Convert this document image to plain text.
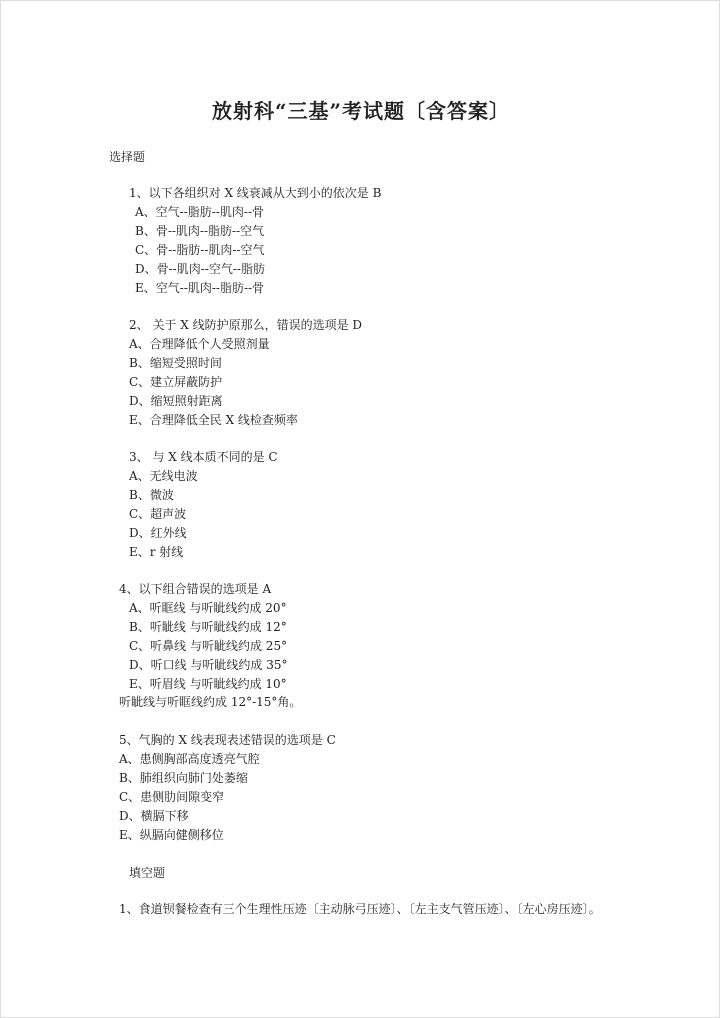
放射科“三基”考试题〔含答案〕
选择题
1、以下各组织对 X 线衰减从大到小的依次是 B
A、空气--脂肪--肌肉--骨
B、骨--肌肉--脂肪--空气
C、骨--脂肪--肌肉--空气
D、骨--肌肉--空气--脂肪
E、空气--肌肉--脂肪--骨
2、 关于 X 线防护原那么，错误的选项是 D
A、合理降低个人受照剂量
B、缩短受照时间
C、建立屏蔽防护
D、缩短照射距离
E、合理降低全民 X 线检查频率
3、 与 X 线本质不同的是 C
A、无线电波
B、微波
C、超声波
D、红外线
E、r 射线
4、以下组合错误的选项是 A
A、听眶线 与听眦线约成 20°
B、听眦线 与听眦线约成 12°
C、听鼻线 与听眦线约成 25°
D、听口线 与听眦线约成 35°
E、听眉线 与听眦线约成 10°
听眦线与听眶线约成 12°-15°角。
5、气胸的 X 线表现表述错误的选项是 C
A、患侧胸部高度透亮气腔
B、肺组织向肺门处萎缩
C、患侧肋间隙变窄
D、横膈下移
E、纵膈向健侧移位
填空题
1、食道钡餐检查有三个生理性压迹〔主动脉弓压迹〕、〔左主支气管压迹〕、〔左心房压迹〕。
